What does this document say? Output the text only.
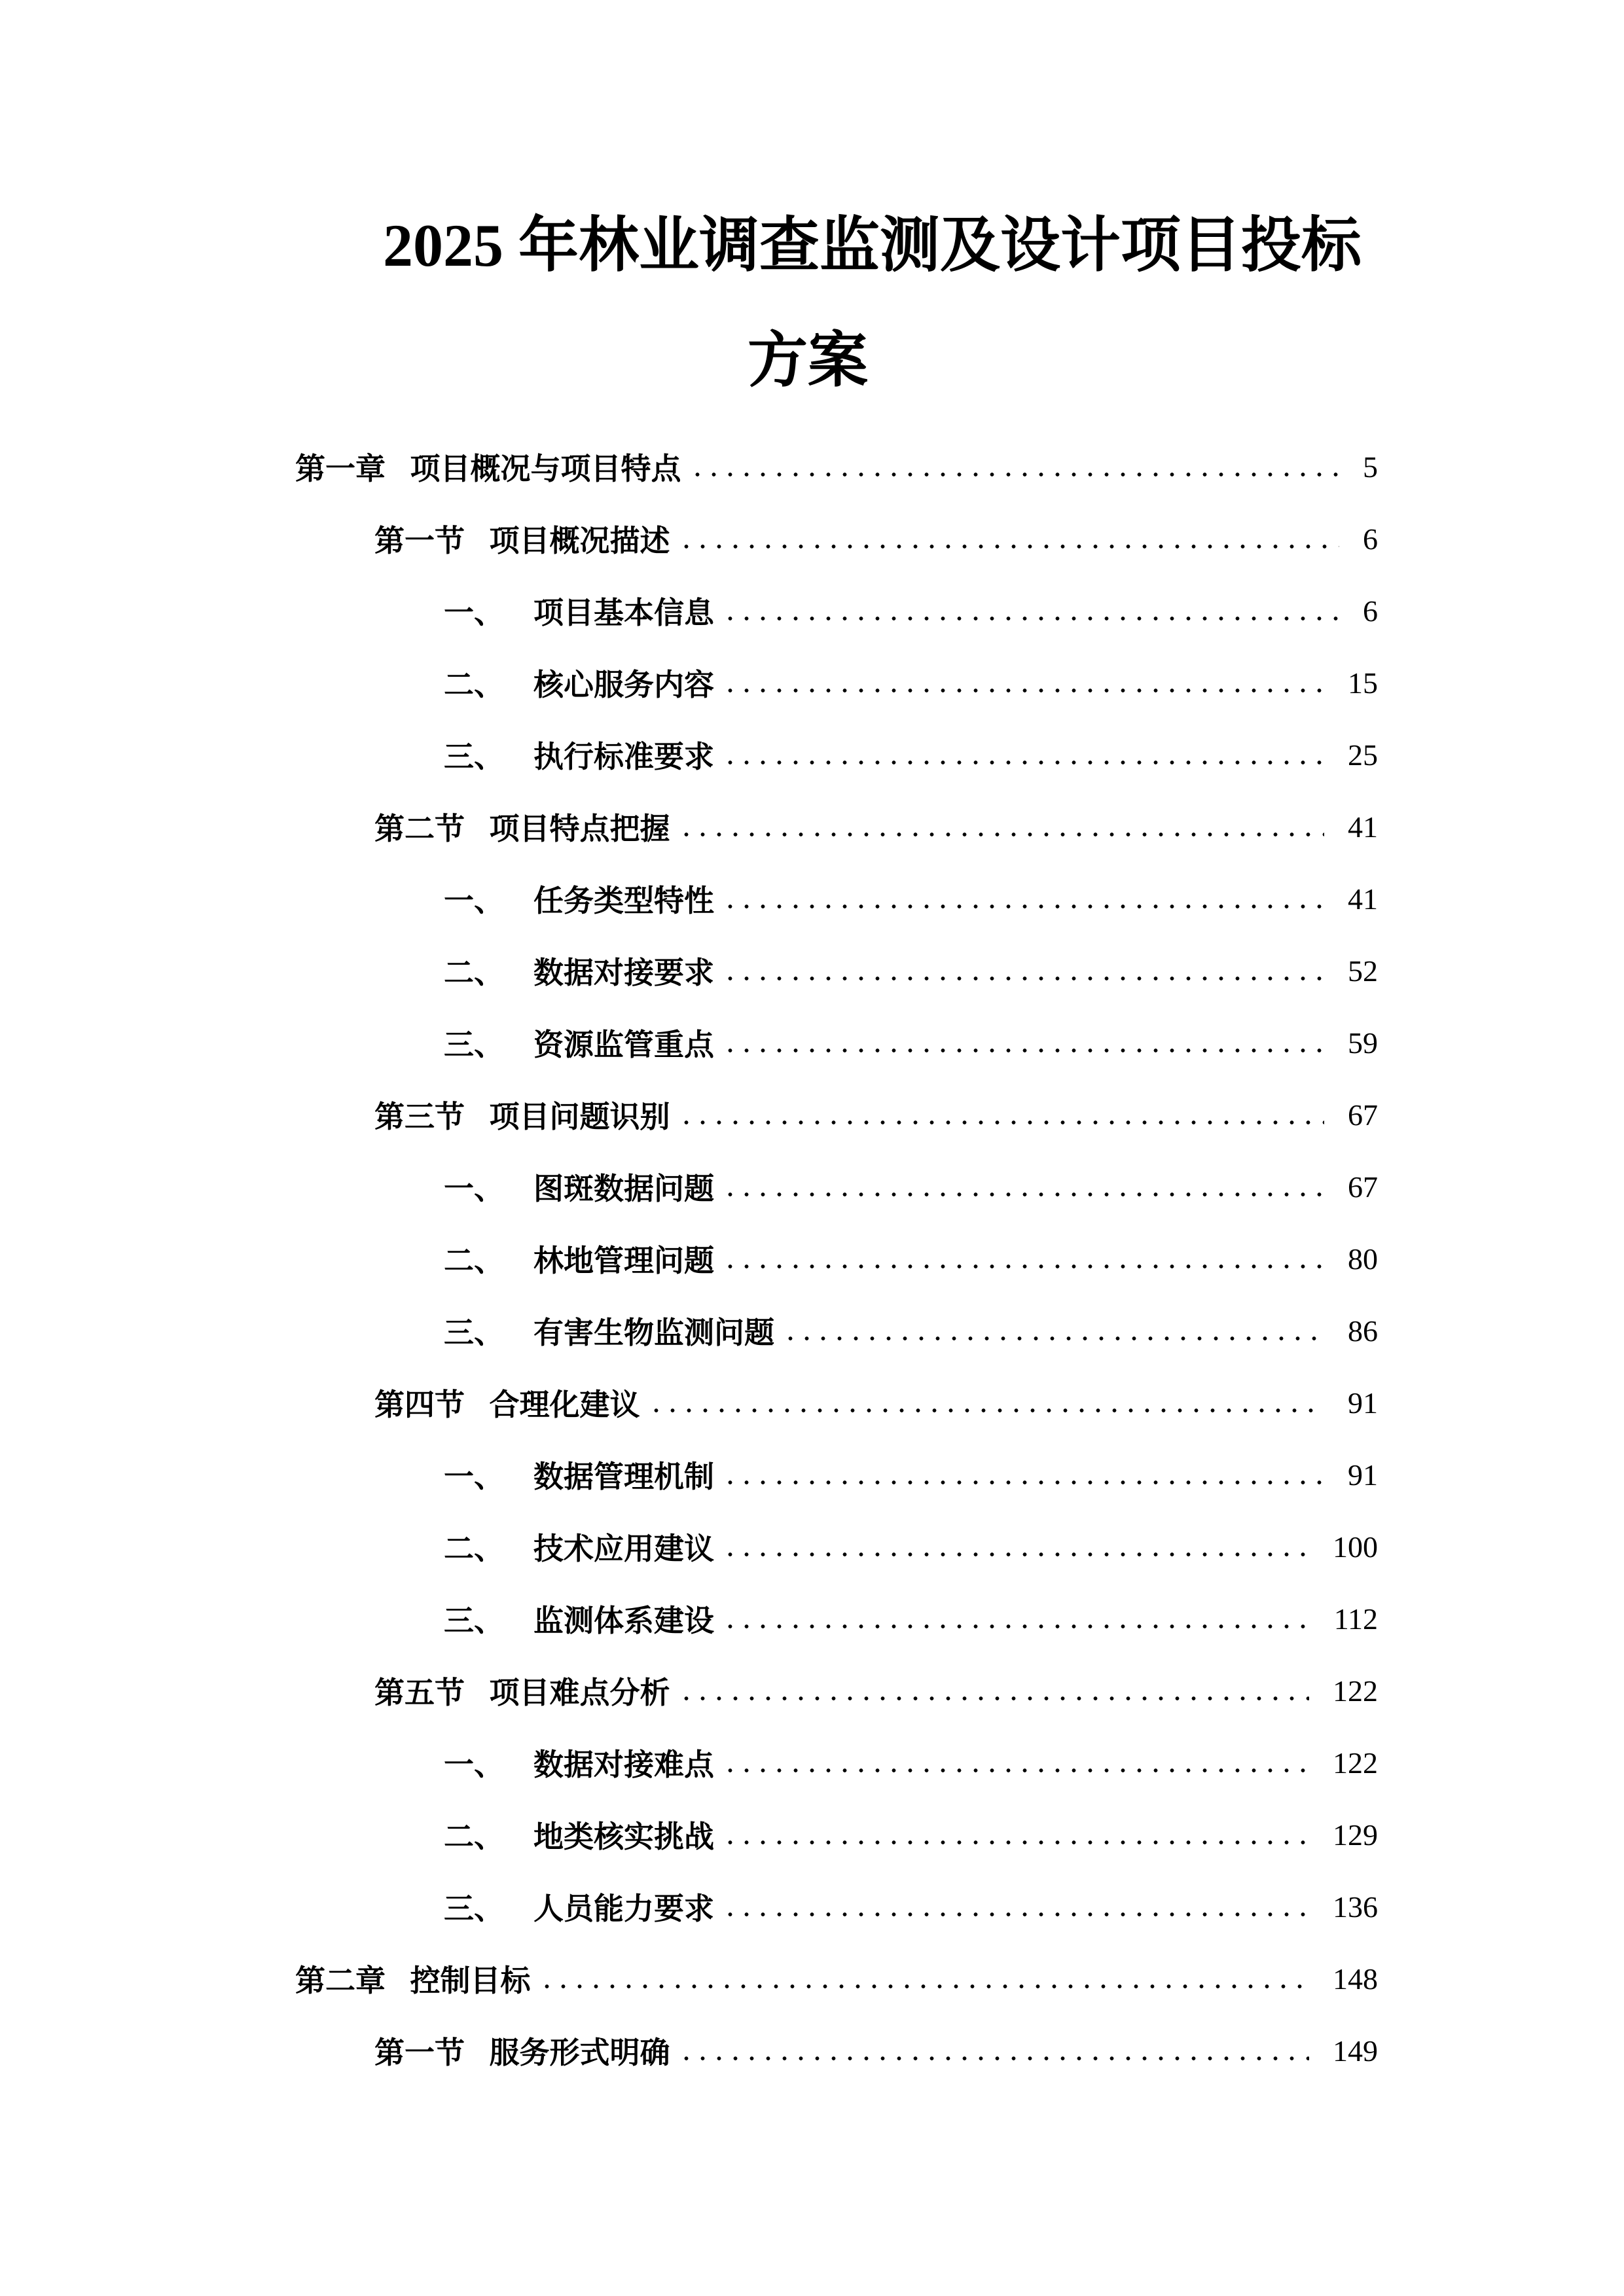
2025 年林业调查监测及设计项目投标
方案
第一章 项目概况与项目特点	5
第一节 项目概况描述	6
一、 项目基本信息	6
二、 核心服务内容	15
三、 执行标准要求	25
第二节 项目特点把握	41
一、 任务类型特性	41
二、 数据对接要求	52
三、 资源监管重点	59
第三节 项目问题识别	67
一、 图斑数据问题	67
二、 林地管理问题	80
三、 有害生物监测问题	86
第四节 合理化建议	91
一、 数据管理机制	91
二、 技术应用建议	100
三、 监测体系建设	112
第五节 项目难点分析	122
一、 数据对接难点	122
二、 地类核实挑战	129
三、 人员能力要求	136
第二章 控制目标	148
第一节 服务形式明确	149
